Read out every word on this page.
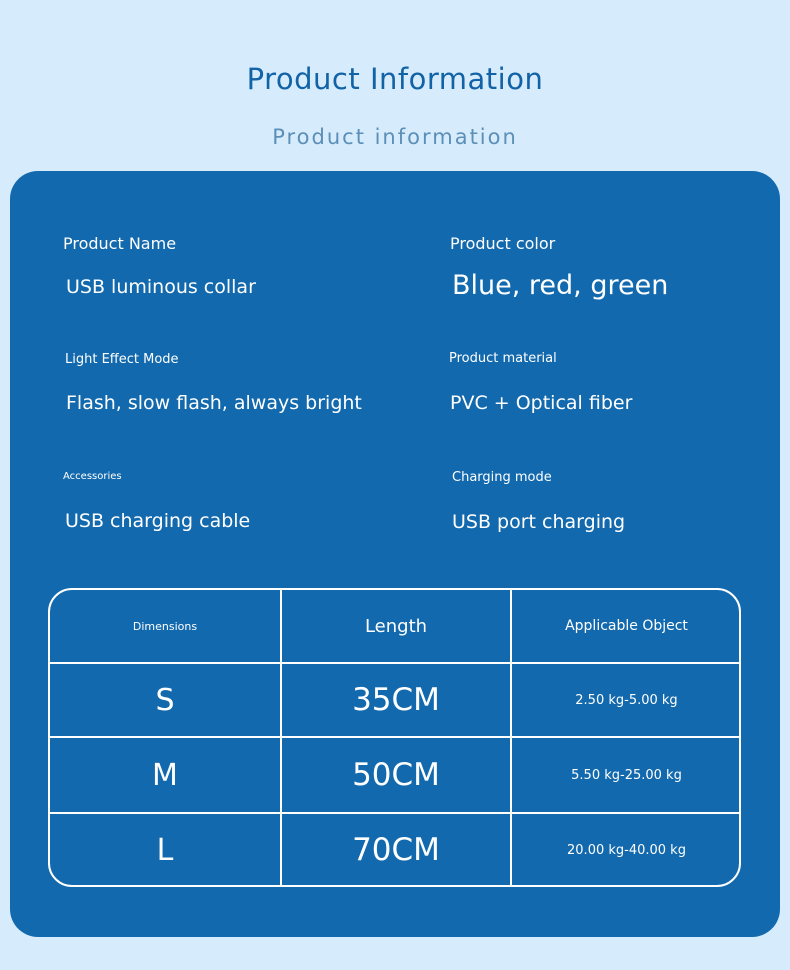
Product Information
Product information
Product Name
USB luminous collar
Product color
Blue, red, green
Light Effect Mode
Flash, slow flash, always bright
Product material
PVC + Optical fiber
Accessories
USB charging cable
Charging mode
USB port charging
Dimensions	Length	Applicable Object
S	35CM	2.50 kg-5.00 kg
M	50CM	5.50 kg-25.00 kg
L	70CM	20.00 kg-40.00 kg
